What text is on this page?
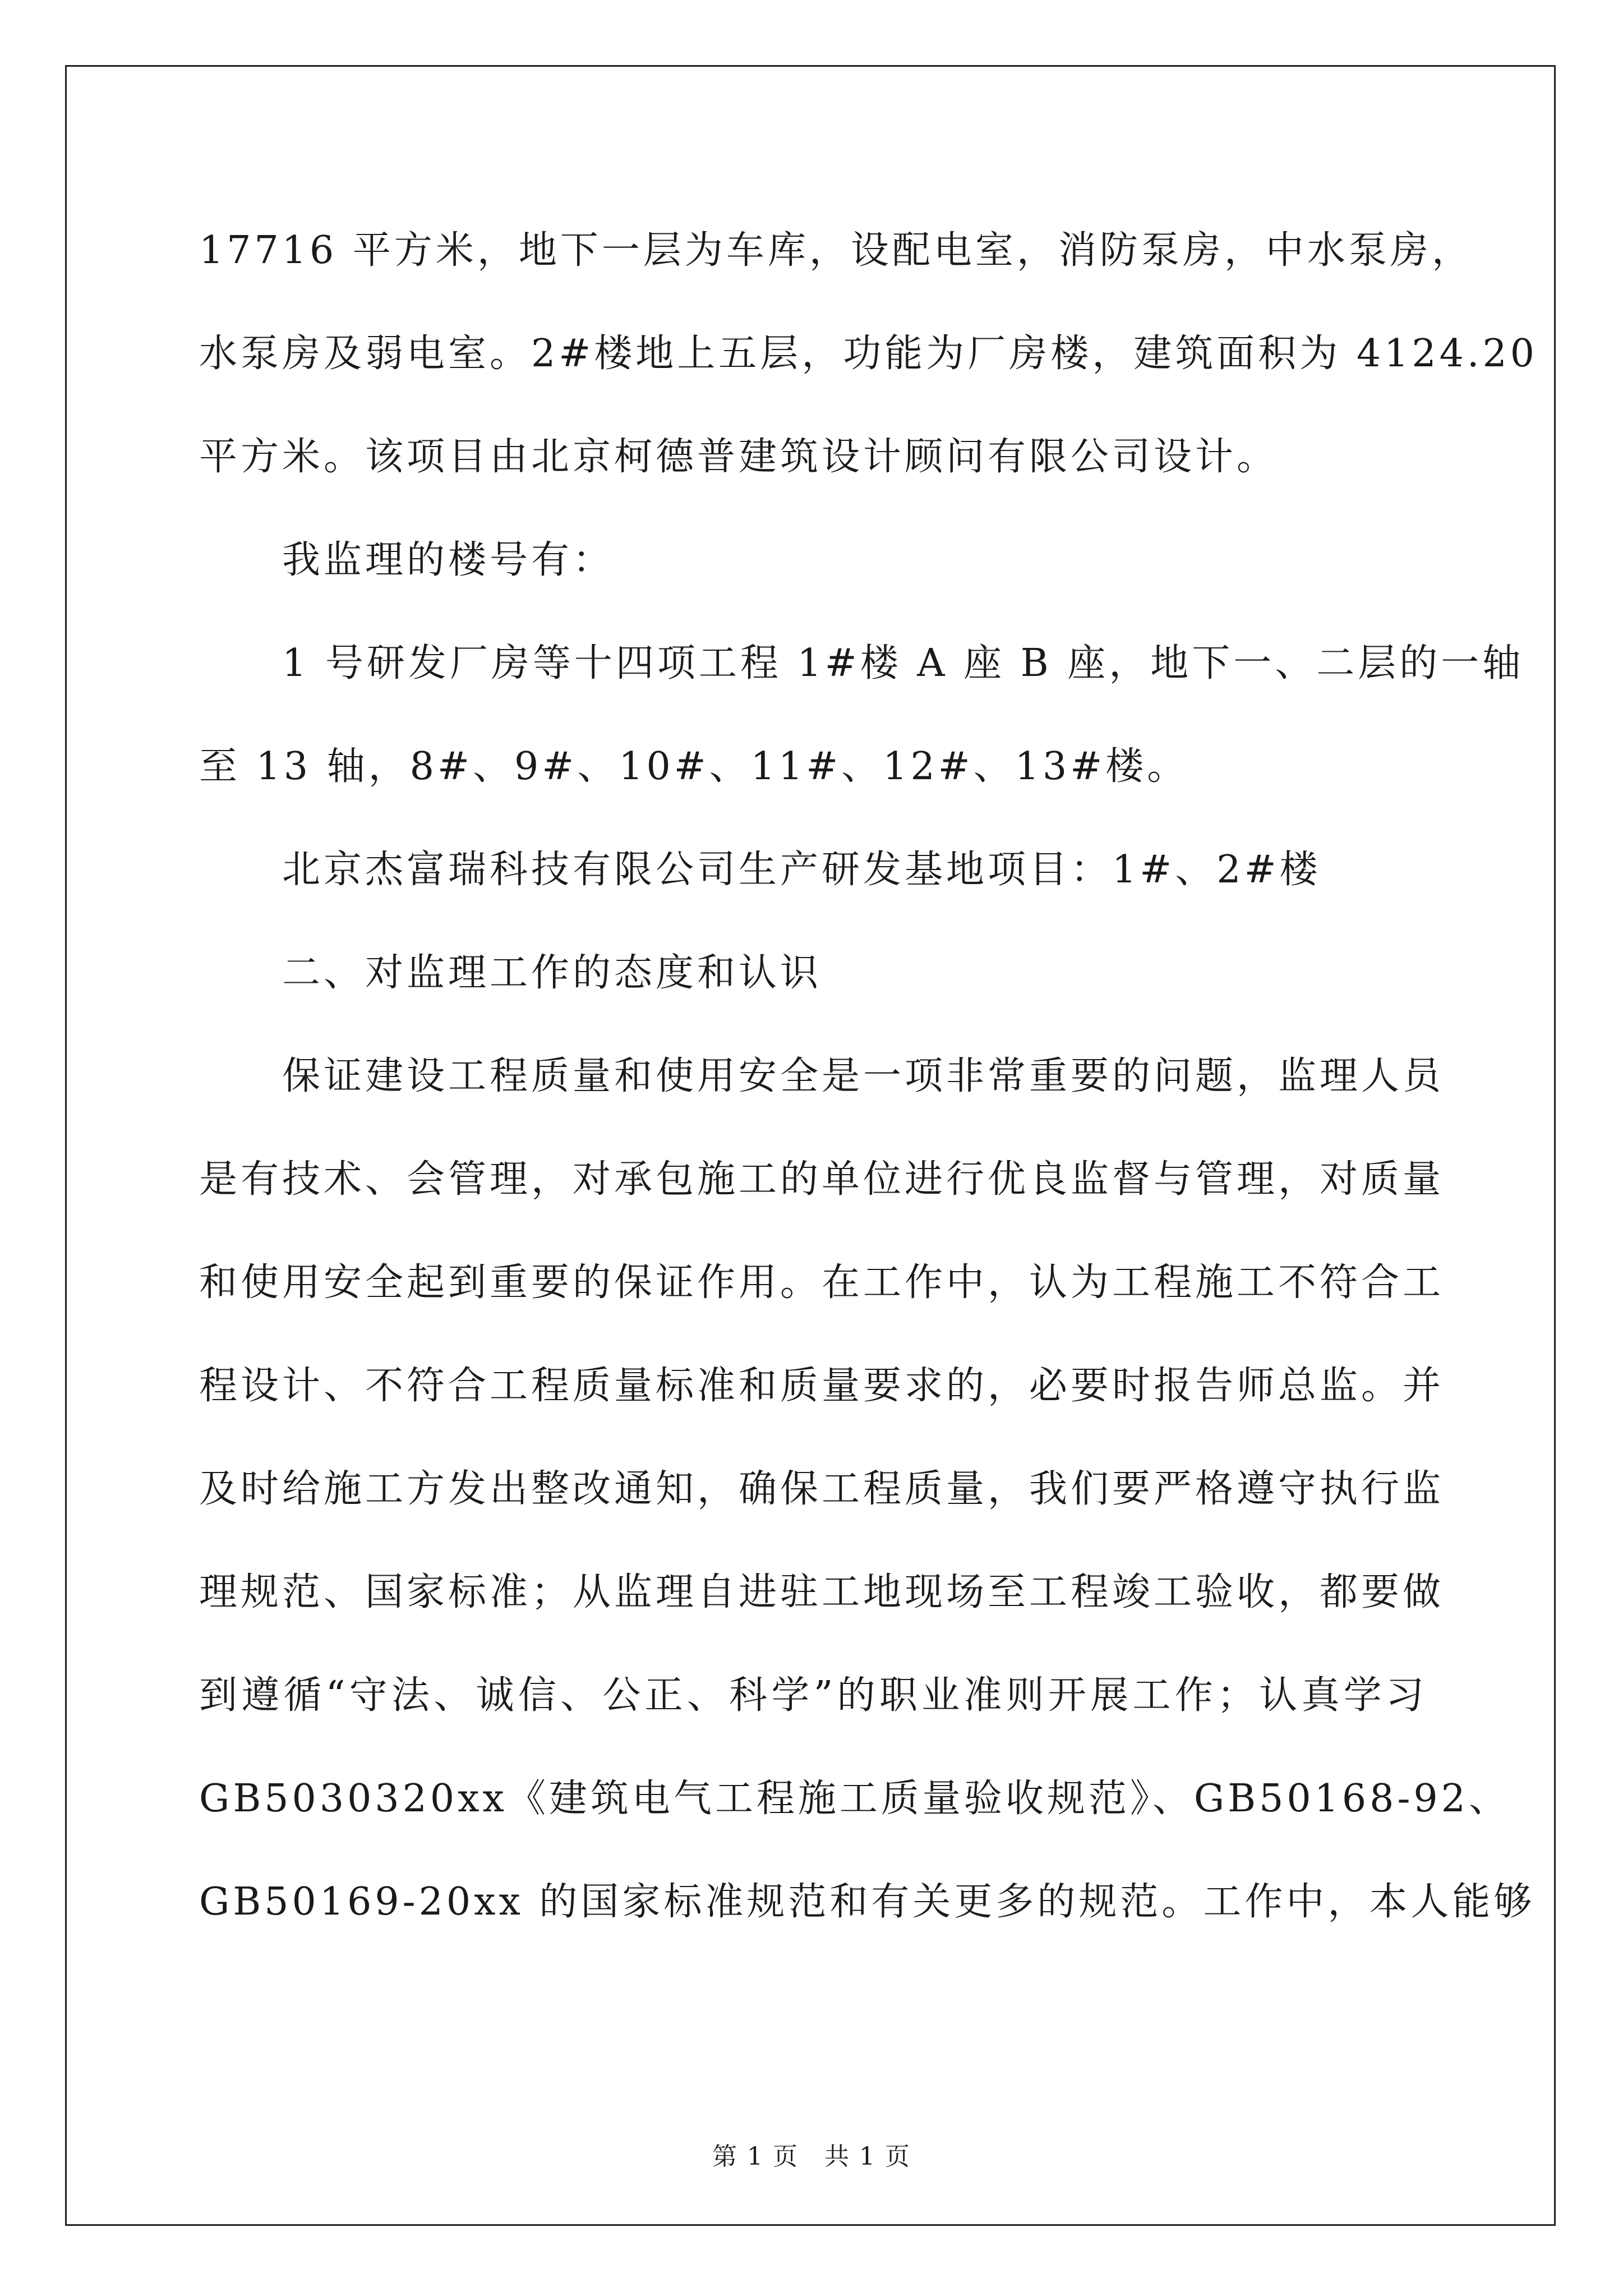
17716 平方米，地下一层为车库，设配电室，消防泵房，中水泵房，
水泵房及弱电室。2#楼地上五层，功能为厂房楼，建筑面积为 4124.20
平方米。该项目由北京柯德普建筑设计顾问有限公司设计。
我监理的楼号有：
1 号研发厂房等十四项工程 1#楼 A 座 B 座，地下一、二层的一轴
至 13 轴，8#、9#、10#、11#、12#、13#楼。
北京杰富瑞科技有限公司生产研发基地项目：1#、2#楼
二、对监理工作的态度和认识
保证建设工程质量和使用安全是一项非常重要的问题，监理人员
是有技术、会管理，对承包施工的单位进行优良监督与管理，对质量
和使用安全起到重要的保证作用。在工作中，认为工程施工不符合工
程设计、不符合工程质量标准和质量要求的，必要时报告师总监。并
及时给施工方发出整改通知，确保工程质量，我们要严格遵守执行监
理规范、国家标准；从监理自进驻工地现场至工程竣工验收，都要做
到遵循“守法、诚信、公正、科学”的职业准则开展工作；认真学习
GB5030320xx《建筑电气工程施工质量验收规范》、GB50168-92、
GB50169-20xx 的国家标准规范和有关更多的规范。工作中，本人能够
第 1 页　共 1 页
